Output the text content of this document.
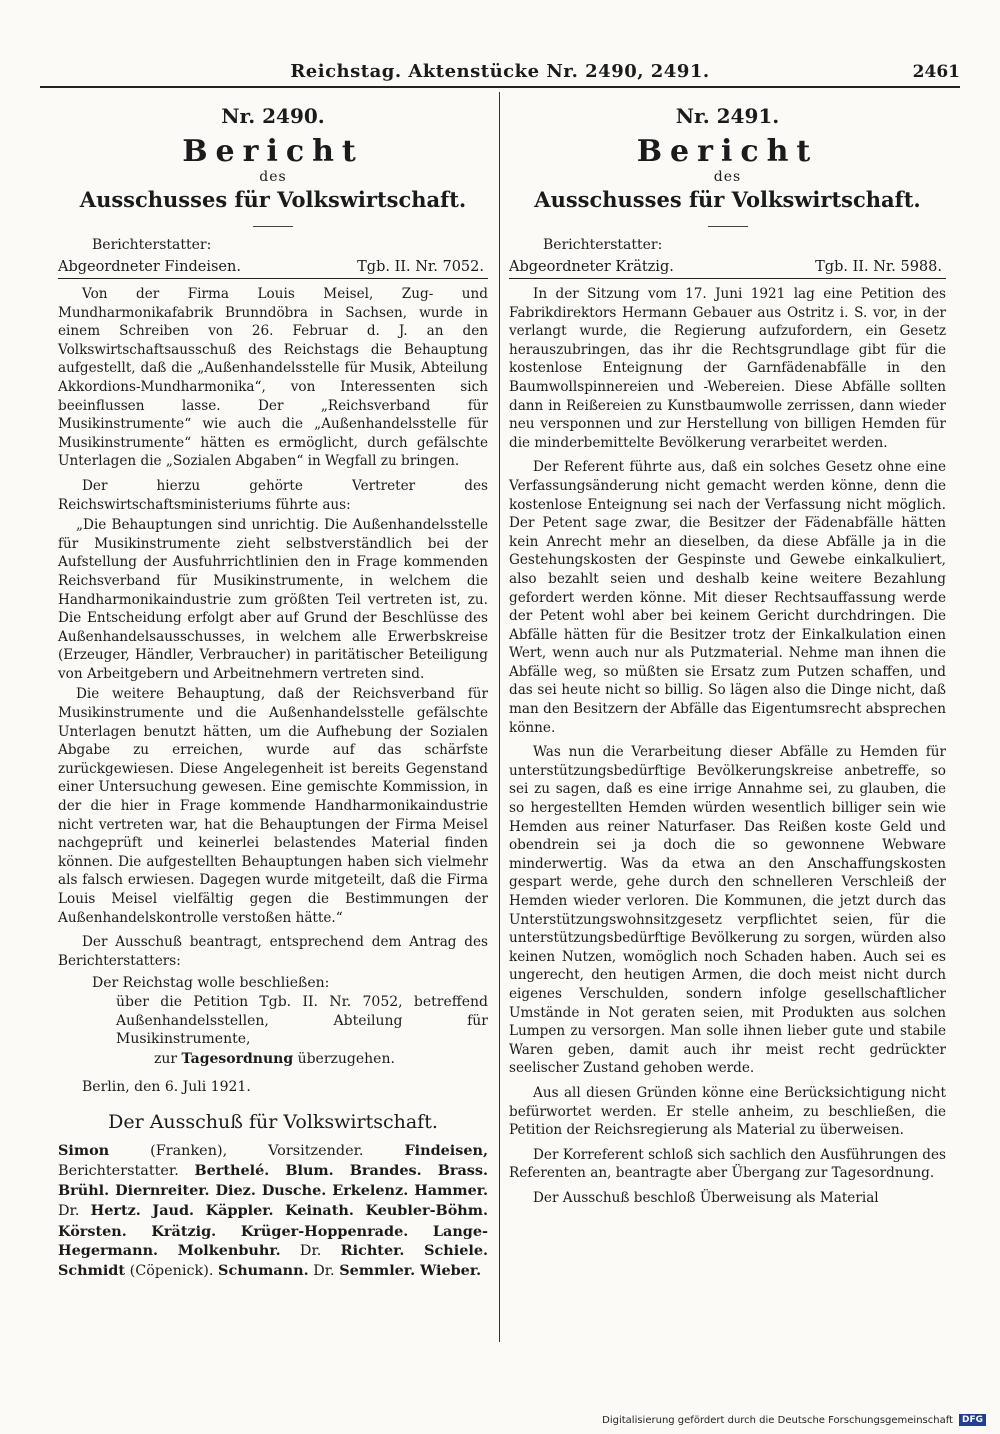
Reichstag. Aktenstücke Nr. 2490, 2491.	2461
Nr. 2490.
Bericht
des
Ausschusses für Volkswirtschaft.
Berichterstatter:
Abgeordneter Findeisen.	Tgb. II. Nr. 7052.

Von der Firma Louis Meisel, Zug- und Mundharmonikafabrik Brunndöbra in Sachsen, wurde in einem Schreiben von 26. Februar d. J. an den Volkswirtschaftsausschuß des Reichstags die Behauptung aufgestellt, daß die „Außenhandelsstelle für Musik, Abteilung Akkordions-Mundharmonika“, von Interessenten sich beeinflussen lasse. Der „Reichsverband für Musikinstrumente“ wie auch die „Außenhandelsstelle für Musikinstrumente“ hätten es ermöglicht, durch gefälschte Unterlagen die „Sozialen Abgaben“ in Wegfall zu bringen.

Der hierzu gehörte Vertreter des Reichswirtschaftsministeriums führte aus:

„Die Behauptungen sind unrichtig. Die Außenhandelsstelle für Musikinstrumente zieht selbstverständlich bei der Aufstellung der Ausfuhrrichtlinien den in Frage kommenden Reichsverband für Musikinstrumente, in welchem die Handharmonikaindustrie zum größten Teil vertreten ist, zu. Die Entscheidung erfolgt aber auf Grund der Beschlüsse des Außenhandelsausschusses, in welchem alle Erwerbskreise (Erzeuger, Händler, Verbraucher) in paritätischer Beteiligung von Arbeitgebern und Arbeitnehmern vertreten sind.

Die weitere Behauptung, daß der Reichsverband für Musikinstrumente und die Außenhandelsstelle gefälschte Unterlagen benutzt hätten, um die Aufhebung der Sozialen Abgabe zu erreichen, wurde auf das schärfste zurückgewiesen. Diese Angelegenheit ist bereits Gegenstand einer Untersuchung gewesen. Eine gemischte Kommission, in der die hier in Frage kommende Handharmonikaindustrie nicht vertreten war, hat die Behauptungen der Firma Meisel nachgeprüft und keinerlei belastendes Material finden können. Die aufgestellten Behauptungen haben sich vielmehr als falsch erwiesen. Dagegen wurde mitgeteilt, daß die Firma Louis Meisel vielfältig gegen die Bestimmungen der Außenhandelskontrolle verstoßen hätte.“

Der Ausschuß beantragt, entsprechend dem Antrag des Berichterstatters:

Der Reichstag wolle beschließen:
über die Petition Tgb. II. Nr. 7052, betreffend Außenhandelsstellen, Abteilung für Musikinstrumente,
zur Tagesordnung überzugehen.
Berlin, den 6. Juli 1921.
Der Ausschuß für Volkswirtschaft.
Simon (Franken), Vorsitzender. Findeisen, Berichterstatter. Berthelé. Blum. Brandes. Brass. Brühl. Diernreiter. Diez. Dusche. Erkelenz. Hammer. Dr. Hertz. Jaud. Käppler. Keinath. Keubler-Böhm. Körsten. Krätzig. Krüger-Hoppenrade. Lange-Hegermann. Molkenbuhr. Dr. Richter. Schiele. Schmidt (Cöpenick). Schumann. Dr. Semmler. Wieber.
Nr. 2491.
Bericht
des
Ausschusses für Volkswirtschaft.
Berichterstatter:
Abgeordneter Krätzig.	Tgb. II. Nr. 5988.

In der Sitzung vom 17. Juni 1921 lag eine Petition des Fabrikdirektors Hermann Gebauer aus Ostritz i. S. vor, in der verlangt wurde, die Regierung aufzufordern, ein Gesetz herauszubringen, das ihr die Rechtsgrundlage gibt für die kostenlose Enteignung der Garnfädenabfälle in den Baumwollspinnereien und -Webereien. Diese Abfälle sollten dann in Reißereien zu Kunstbaumwolle zerrissen, dann wieder neu versponnen und zur Herstellung von billigen Hemden für die minderbemittelte Bevölkerung verarbeitet werden.

Der Referent führte aus, daß ein solches Gesetz ohne eine Verfassungsänderung nicht gemacht werden könne, denn die kostenlose Enteignung sei nach der Verfassung nicht möglich. Der Petent sage zwar, die Besitzer der Fädenabfälle hätten kein Anrecht mehr an dieselben, da diese Abfälle ja in die Gestehungskosten der Gespinste und Gewebe einkalkuliert, also bezahlt seien und deshalb keine weitere Bezahlung gefordert werden könne. Mit dieser Rechtsauffassung werde der Petent wohl aber bei keinem Gericht durchdringen. Die Abfälle hätten für die Besitzer trotz der Einkalkulation einen Wert, wenn auch nur als Putzmaterial. Nehme man ihnen die Abfälle weg, so müßten sie Ersatz zum Putzen schaffen, und das sei heute nicht so billig. So lägen also die Dinge nicht, daß man den Besitzern der Abfälle das Eigentumsrecht absprechen könne.

Was nun die Verarbeitung dieser Abfälle zu Hemden für unterstützungsbedürftige Bevölkerungskreise anbetreffe, so sei zu sagen, daß es eine irrige Annahme sei, zu glauben, die so hergestellten Hemden würden wesentlich billiger sein wie Hemden aus reiner Naturfaser. Das Reißen koste Geld und obendrein sei ja doch die so gewonnene Webware minderwertig. Was da etwa an den Anschaffungskosten gespart werde, gehe durch den schnelleren Verschleiß der Hemden wieder verloren. Die Kommunen, die jetzt durch das Unterstützungswohnsitzgesetz verpflichtet seien, für die unterstützungsbedürftige Bevölkerung zu sorgen, würden also keinen Nutzen, womöglich noch Schaden haben. Auch sei es ungerecht, den heutigen Armen, die doch meist nicht durch eigenes Verschulden, sondern infolge gesellschaftlicher Umstände in Not geraten seien, mit Produkten aus solchen Lumpen zu versorgen. Man solle ihnen lieber gute und stabile Waren geben, damit auch ihr meist recht gedrückter seelischer Zustand gehoben werde.

Aus all diesen Gründen könne eine Berücksichtigung nicht befürwortet werden. Er stelle anheim, zu beschließen, die Petition der Reichsregierung als Material zu überweisen.

Der Korreferent schloß sich sachlich den Ausführungen des Referenten an, beantragte aber Übergang zur Tagesordnung.

Der Ausschuß beschloß Überweisung als Material

Digitalisierung gefördert durch die Deutsche Forschungsgemeinschaft	DFG
